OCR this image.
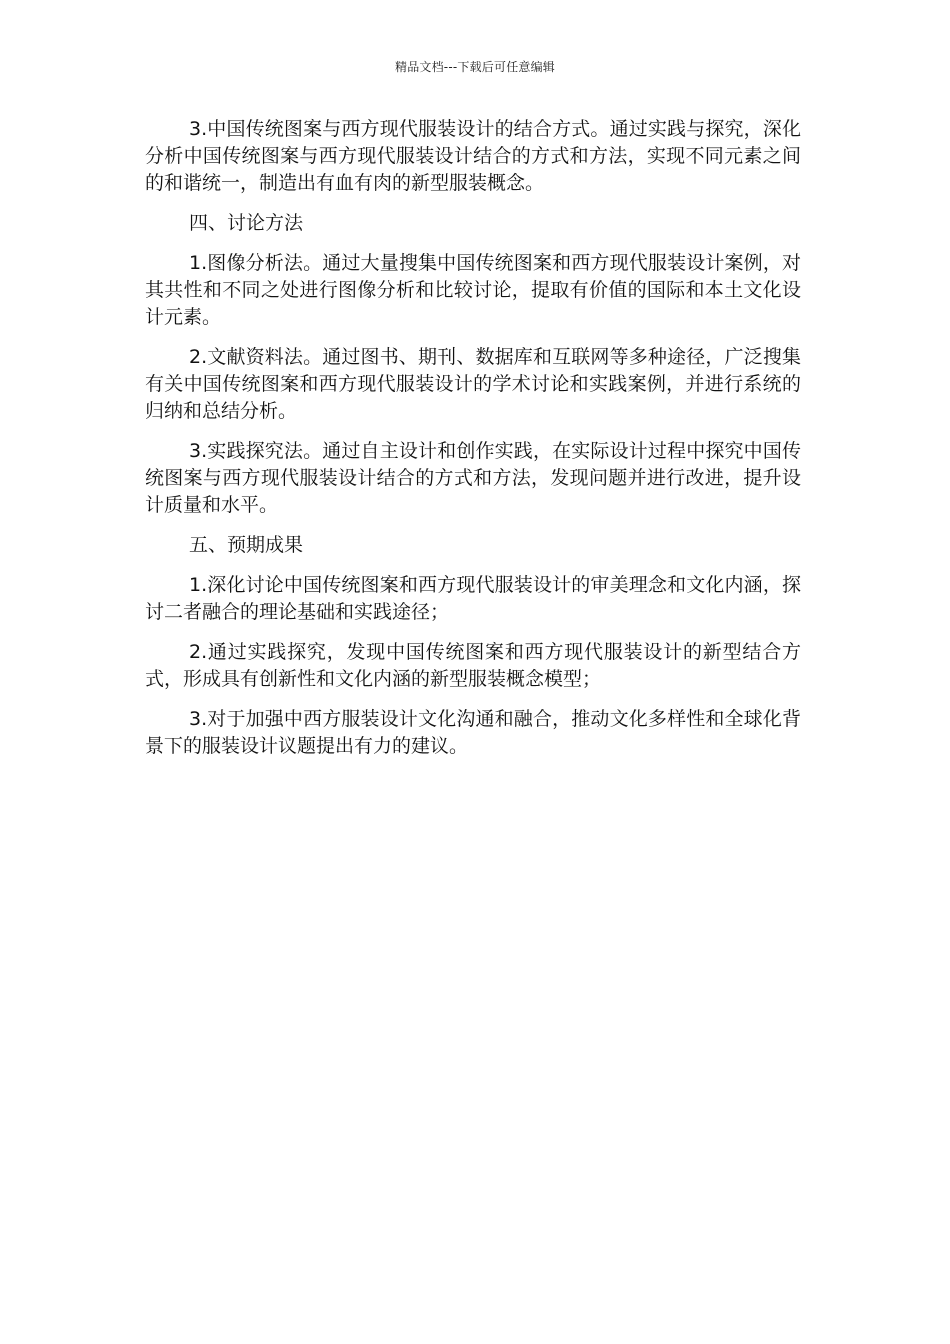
精品文档---下载后可任意编辑

3.中国传统图案与西方现代服装设计的结合方式。通过实践与探究，深化分析中国传统图案与西方现代服装设计结合的方式和方法，实现不同元素之间的和谐统一，制造出有血有肉的新型服装概念。

四、讨论方法

1.图像分析法。通过大量搜集中国传统图案和西方现代服装设计案例，对其共性和不同之处进行图像分析和比较讨论，提取有价值的国际和本土文化设计元素。

2.文献资料法。通过图书、期刊、数据库和互联网等多种途径，广泛搜集有关中国传统图案和西方现代服装设计的学术讨论和实践案例，并进行系统的归纳和总结分析。

3.实践探究法。通过自主设计和创作实践，在实际设计过程中探究中国传统图案与西方现代服装设计结合的方式和方法，发现问题并进行改进，提升设计质量和水平。

五、预期成果

1.深化讨论中国传统图案和西方现代服装设计的审美理念和文化内涵，探讨二者融合的理论基础和实践途径；

2.通过实践探究，发现中国传统图案和西方现代服装设计的新型结合方式，形成具有创新性和文化内涵的新型服装概念模型；

3.对于加强中西方服装设计文化沟通和融合，推动文化多样性和全球化背景下的服装设计议题提出有力的建议。
